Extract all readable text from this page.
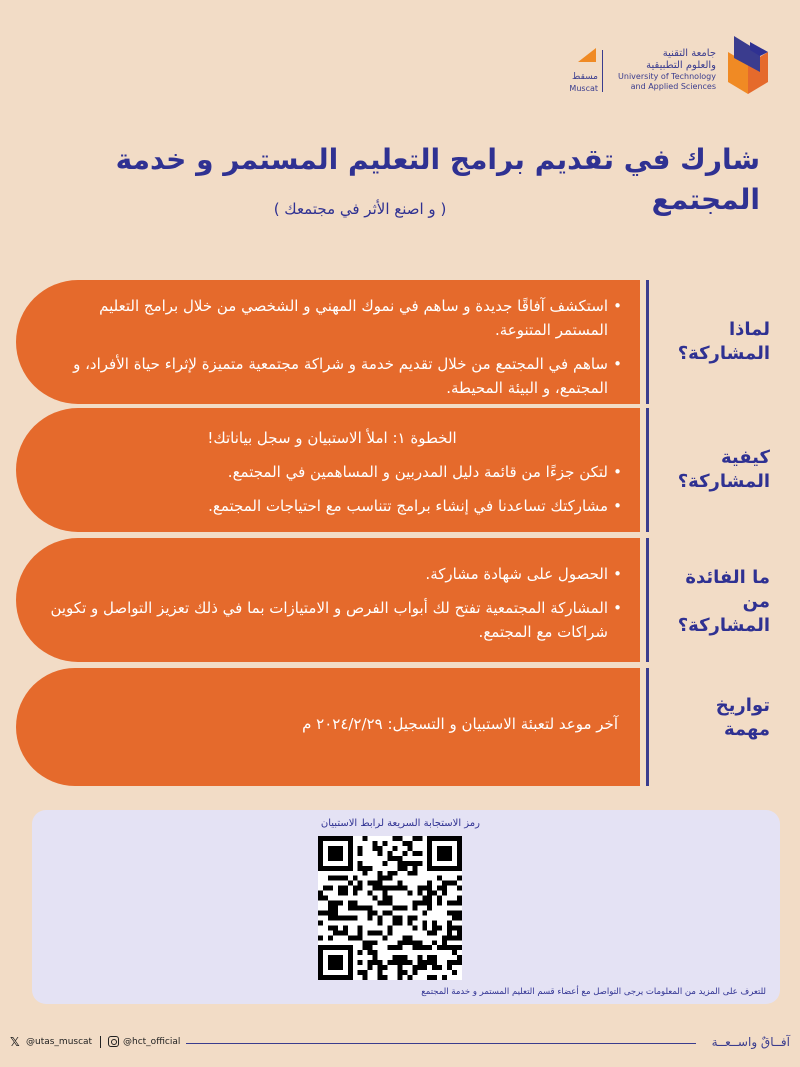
جامعة التقنية
والعلوم التطبيقية
University of Technology
and Applied Sciences
مسقط
Muscat
شارك في تقديم برامج التعليم المستمر و خدمة المجتمع
( و اصنع الأثر في مجتمعك )
• استكشف آفاقًا جديدة و ساهم في نموك المهني و الشخصي من خلال برامج التعليم المستمر المتنوعة.
• ساهم في المجتمع من خلال تقديم خدمة و شراكة مجتمعية متميزة لإثراء حياة الأفراد، و المجتمع، و البيئة المحيطة.
لماذا
المشاركة؟
الخطوة ١: املأ الاستبيان و سجل بياناتك!
• لتكن جزءًا من قائمة دليل المدربين و المساهمين في المجتمع.
• مشاركتك تساعدنا في إنشاء برامج تتناسب مع احتياجات المجتمع.
كيفية
المشاركة؟
• الحصول على شهادة مشاركة.
• المشاركة المجتمعية تفتح لك أبواب الفرص و الامتيازات بما في ذلك تعزيز التواصل و تكوين شراكات مع المجتمع.
ما الفائدة
من المشاركة؟
آخر موعد لتعبئة الاستبيان و التسجيل: ٢٠٢٤/٢/٢٩ م
تواريخ
مهمة
رمز الاستجابة السريعة لرابط الاستبيان
للتعرف على المزيد من المعلومات يرجى التواصل مع أعضاء قسم التعليم المستمر و خدمة المجتمع
آفــاقٌ واســعــة
𝕏 @utas_muscat	@hct_official
